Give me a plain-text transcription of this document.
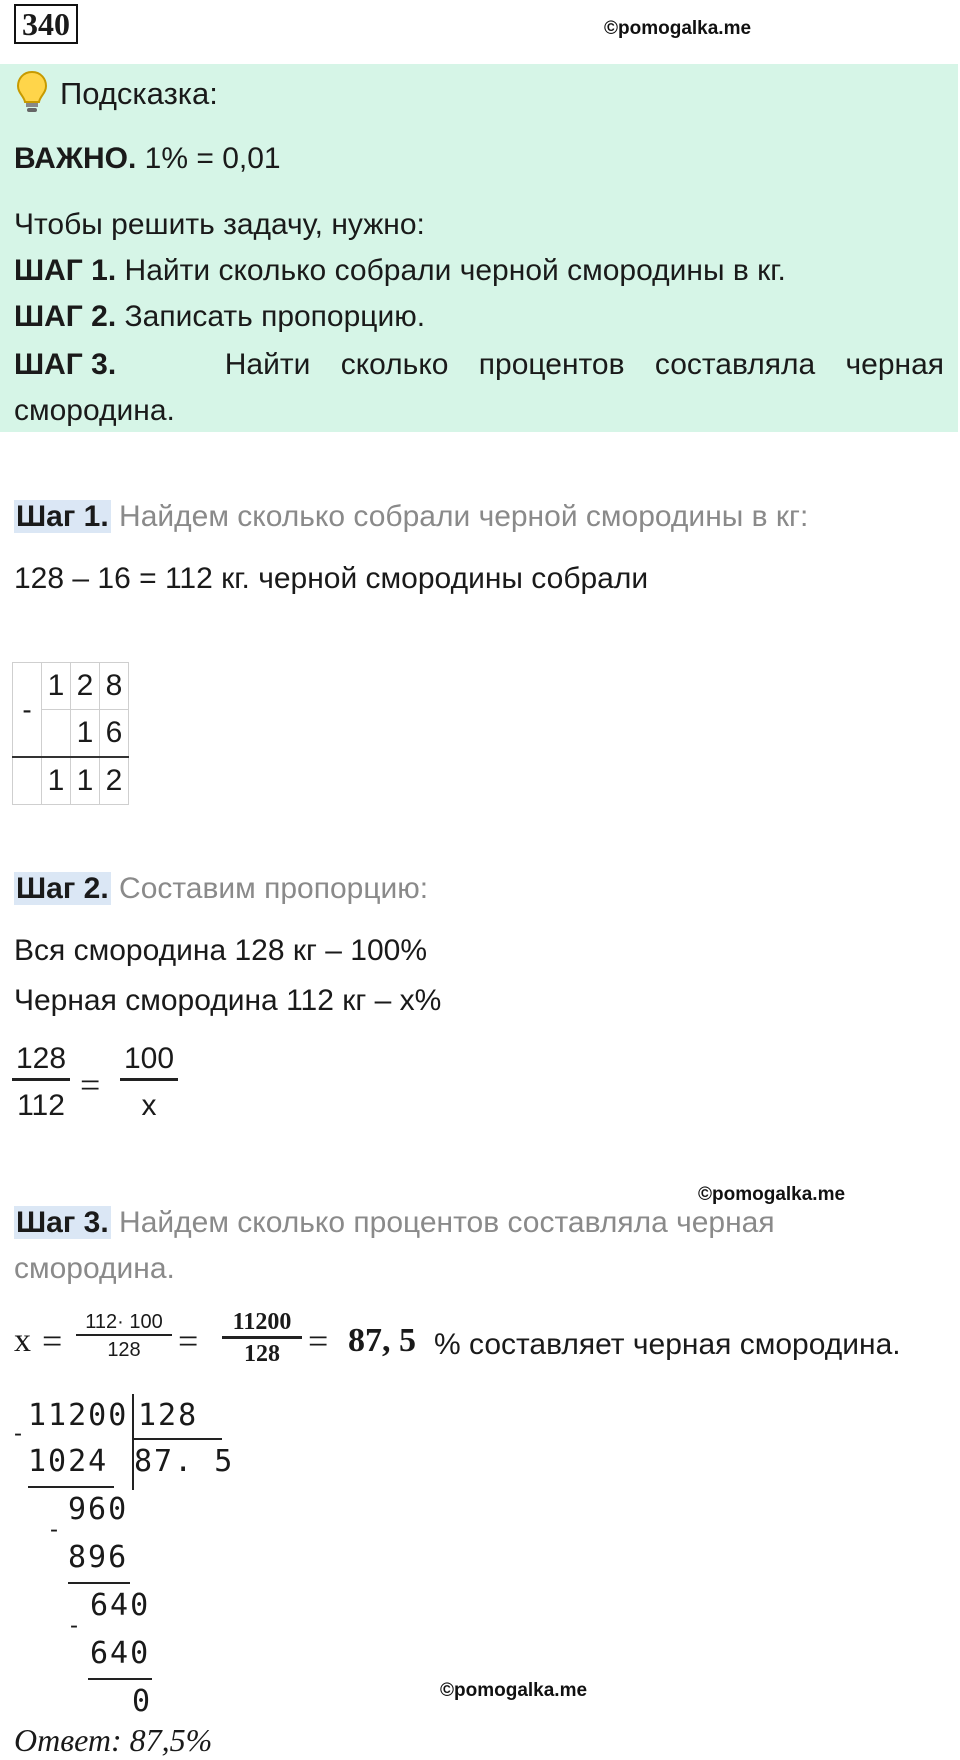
340	©pomogalka.me
Подсказка:
ВАЖНО. 1% = 0,01
Чтобы решить задачу, нужно:
ШАГ 1. Найти сколько собрали черной смородины в кг.
ШАГ 2. Записать пропорцию.
ШАГ 3.	Найти сколько процентов составляла черная
смородина.
Шаг 1. Найдем сколько собрали черной смородины в кг:
128 – 16 = 112 кг. черной смородины собрали
-	1	2	8
		1	6
	1	1	2
Шаг 2. Составим пропорцию:
Вся смородина 128 кг – 100%
Черная смородина 112 кг – x%
128
112
=
100
x
©pomogalka.me
Шаг 3. Найдем сколько процентов составляла черная
смородина.
x =	112· 100
128	=	11200
128 = 87, 5 % составляет черная смородина.
11200 128
87. 5
-
1024
960
-
896
640
-
640
0	©pomogalka.me
Ответ: 87,5%
